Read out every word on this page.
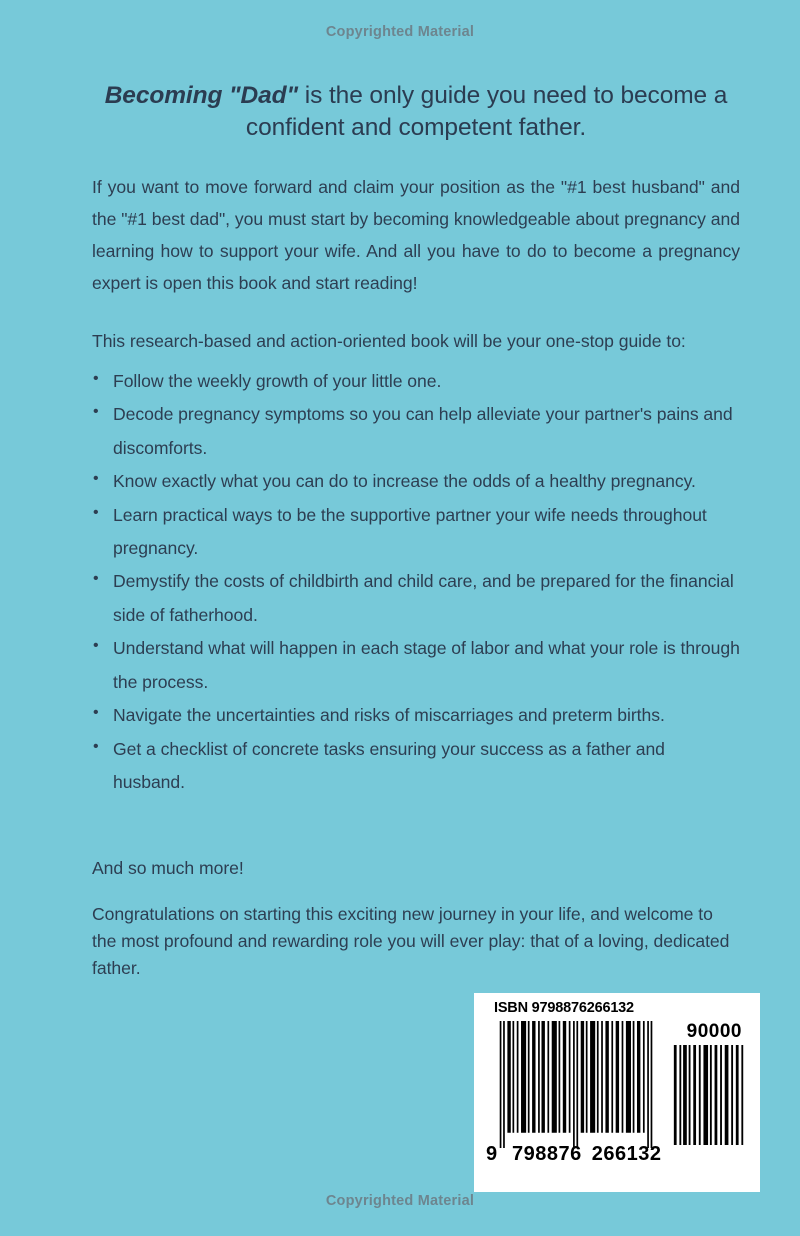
Copyrighted Material
Becoming "Dad" is the only guide you need to become a confident and competent father.

If you want to move forward and claim your position as the "#1 best husband" and the "#1 best dad", you must start by becoming knowledgeable about pregnancy and learning how to support your wife. And all you have to do to become a pregnancy expert is open this book and start reading!

This research-based and action-oriented book will be your one-stop guide to:

• Follow the weekly growth of your little one.
• Decode pregnancy symptoms so you can help alleviate your partner's pains and discomforts.
• Know exactly what you can do to increase the odds of a healthy pregnancy.
• Learn practical ways to be the supportive partner your wife needs throughout pregnancy.
• Demystify the costs of childbirth and child care, and be prepared for the financial side of fatherhood.
• Understand what will happen in each stage of labor and what your role is through the process.
• Navigate the uncertainties and risks of miscarriages and preterm births.
• Get a checklist of concrete tasks ensuring your success as a father and husband.

And so much more!

Congratulations on starting this exciting new journey in your life, and welcome to the most profound and rewarding role you will ever play: that of a loving, dedicated father.

ISBN 9798876266132
90000
9 798876 266132
Copyrighted Material
